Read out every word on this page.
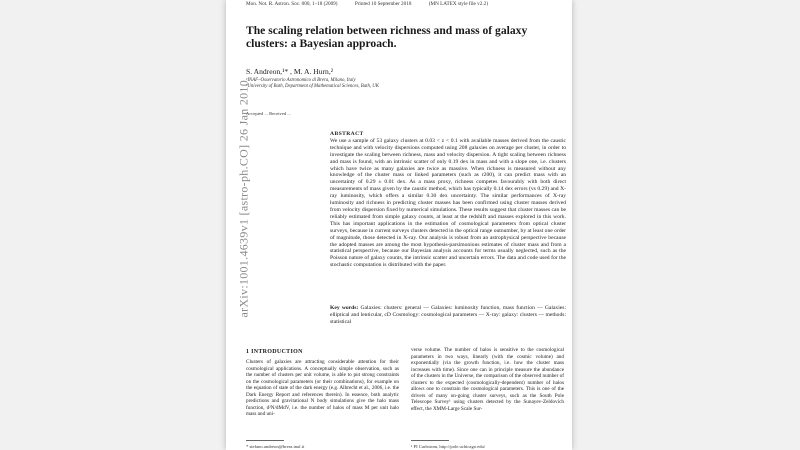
arXiv:1001.4639v1 [astro-ph.CO] 26 Jan 2010
Mon. Not. R. Astron. Soc. 000, 1–18 (2009)	Printed 10 September 2018	(MN LATEX style file v2.2)
The scaling relation between richness and mass of galaxy clusters: a Bayesian approach.
S. Andreon,¹* , M. A. Hurn,²
¹INAF–Osservatorio Astronomico di Brera, Milano, Italy
²University of Bath, Department of Mathematical Sciences, Bath, UK
Accepted ... Received ...
ABSTRACT
We use a sample of 53 galaxy clusters at 0.03 < z < 0.1 with available masses derived from the caustic technique and with velocity dispersions computed using 208 galaxies on average per cluster, in order to investigate the scaling between richness, mass and velocity dispersion. A tight scaling between richness and mass is found, with an intrinsic scatter of only 0.19 dex in mass and with a slope one, i.e. clusters which have twice as many galaxies are twice as massive. When richness is measured without any knowledge of the cluster mass or linked parameters (such as r200), it can predict mass with an uncertainty of 0.29 ± 0.01 dex. As a mass proxy, richness competes favourably with both direct measurements of mass given by the caustic method, which has typically 0.14 dex errors (vs 0.29) and X-ray luminosity, which offers a similar 0.30 dex uncertainty. The similar performances of X-ray luminosity and richness in predicting cluster masses has been confirmed using cluster masses derived from velocity dispersion fixed by numerical simulations. These results suggest that cluster masses can be reliably estimated from simple galaxy counts, at least at the redshift and masses explored in this work. This has important applications in the estimation of cosmological parameters from optical cluster surveys, because in current surveys clusters detected in the optical range outnumber, by at least one order of magnitude, those detected in X-ray. Our analysis is robust from an astrophysical perspective because the adopted masses are among the most hypothesis-parsimonious estimates of cluster mass and from a statistical perspective, because our Bayesian analysis accounts for terms usually neglected, such as the Poisson nature of galaxy counts, the intrinsic scatter and uncertain errors. The data and code used for the stochastic computation is distributed with the paper.
Key words: Galaxies: clusters: general — Galaxies: luminosity function, mass function — Galaxies: elliptical and lenticular, cD Cosmology: cosmological parameters — X-ray: galaxy: clusters — methods: statistical
1 INTRODUCTION
Clusters of galaxies are attracting considerable attention for their cosmological applications. A conceptually simple observation, such as the number of clusters per unit volume, is able to put strong constraints on the cosmological parameters (or their combinations), for example on the equation of state of the dark energy (e.g. Albrecht et al., 2006, i.e. the Dark Energy Report and references therein). In essence, both analytic predictions and gravitational N body simulations give the halo mass function, d²N/dMdV, i.e. the number of halos of mass M per unit halo mass and uni-
verse volume. The number of halos is sensitive to the cosmological parameters in two ways, linearly (with the cosmic volume) and exponentially (via the growth function, i.e. how the cluster mass increases with time). Since one can in principle measure the abundance of the clusters in the Universe, the comparison of the observed number of clusters to the expected (cosmologically-dependent) number of halos allows one to constrain the cosmological parameters. This is one of the drivers of many on-going cluster surveys, such as the South Pole Telescope Survey¹ using clusters detected by the Sunayev-Zeldovich effect, the XMM-Large Scale Sur-
* stefano.andreon@brera.inaf.it	¹ PI Carlstrom, http://pole.uchicago.edu/
